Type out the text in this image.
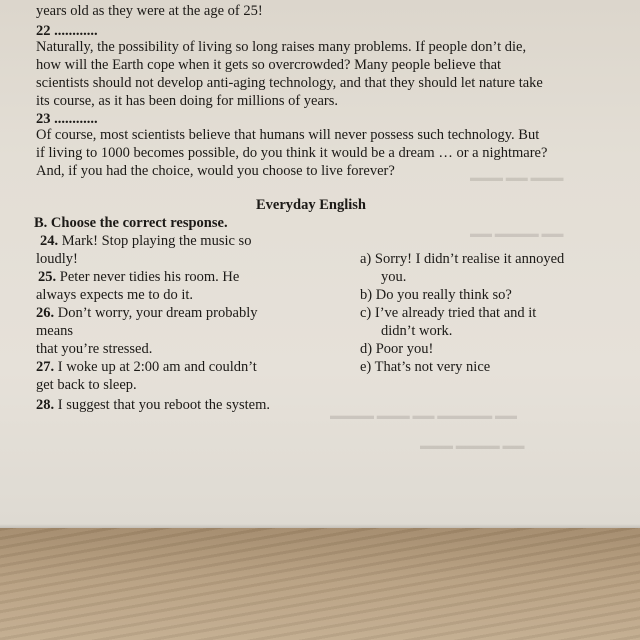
▬▬▬ ▬▬ ▬▬▬
▬▬ ▬▬▬▬ ▬▬
▬▬▬▬ ▬▬▬ ▬▬ ▬▬▬▬▬ ▬▬
▬▬▬ ▬▬▬▬ ▬▬
years old as they were at the age of 25!
22 ............
Naturally, the possibility of living so long raises many problems. If people don’t die,
how will the Earth cope when it gets so overcrowded? Many people believe that
scientists should not develop anti-aging technology, and that they should let nature take
its course, as it has been doing for millions of years.
23 ............
Of course, most scientists believe that humans will never possess such technology. But
if living to 1000 becomes possible, do you think it would be a dream … or a nightmare?
And, if you had the choice, would you choose to live forever?
Everyday English
B. Choose the correct response.
24. Mark! Stop playing the music so
loudly!
25. Peter never tidies his room. He
always expects me to do it.
26. Don’t worry, your dream probably
means
that you’re stressed.
27. I woke up at 2:00 am and couldn’t
get back to sleep.
28. I suggest that you reboot the system.
a) Sorry! I didn’t realise it annoyed
you.
b) Do you really think so?
c) I’ve already tried that and it
didn’t work.
d) Poor you!
e) That’s not very nice
